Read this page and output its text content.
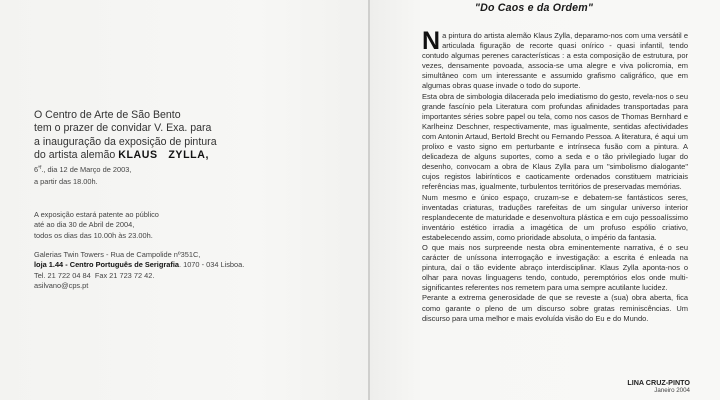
O Centro de Arte de São Bento
tem o prazer de convidar V. Exa. para
a inauguração da exposição de pintura
do artista alemão KLAUS   ZYLLA,
$6^{ªf}$., dia 12 de Março de 2003,
a partir das 18.00h.
A exposição estará patente ao público
até ao dia 30 de Abril de 2004,
todos os dias das 10.00h às 23.00h.
Galerias Twin Towers - Rua de Campolide nº351C,
loja 1.44 - Centro Português de Serigrafia. 1070 - 034 Lisboa.
Tel. 21 722 04 84  Fax 21 723 72 42.
asilvano@cps.pt
"Do Caos e da Ordem"

Na pintura do artista alemão Klaus Zylla, deparamo-nos com uma versátil e articulada figuração de recorte quasi onírico - quasi infantil, tendo contudo algumas perenes características : a esta composição de estrutura, por vezes, densamente povoada, associa-se uma alegre e viva policromia, em simultâneo com um interessante e assumido grafismo caligráfico, que em algumas obras quase invade o todo do suporte.

Esta obra de simbologia dilacerada pelo imediatismo do gesto, revela-nos o seu grande fascínio pela Literatura com profundas afinidades transportadas para importantes séries sobre papel ou tela, como nos casos de Thomas Bernhard e Karlheinz Deschner, respectivamente, mas igualmente, sentidas afectividades com Antonin Artaud, Bertold Brecht ou Fernando Pessoa. A literatura, é aqui um prolixo e vasto signo em perturbante e intrínseca fusão com a pintura. A delicadeza de alguns suportes, como a seda e o tão privilegiado lugar do desenho, convocam a obra de Klaus Zylla para um "simbolismo dialogante" cujos registos labirínticos e caoticamente ordenados constituem matriciais referências mas, igualmente, turbulentos territórios de preservadas memórias.

Num mesmo e único espaço, cruzam-se e debatem-se fantásticos seres, inventadas criaturas, traduções rarefeitas de um singular universo interior resplandecente de maturidade e desenvoltura plástica e em cujo pessoalíssimo inventário estético irradia a imagética de um profuso espólio criativo, estabelecendo assim, como prioridade absoluta, o império da fantasia.

O que mais nos surpreende nesta obra eminentemente narrativa, é o seu carácter de uníssona interrogação e investigação: a escrita é enleada na pintura, daí o tão evidente abraço interdisciplinar. Klaus Zylla aponta-nos o olhar para novas linguagens tendo, contudo, peremptórios elos onde multi-significantes referentes nos remetem para uma sempre acutilante lucidez.

Perante a extrema generosidade de que se reveste a (sua) obra aberta, fica como garante o pleno de um discurso sobre gratas reminiscências. Um discurso para uma melhor e mais evoluída visão do Eu e do Mundo.

LINA CRUZ-PINTO
Janeiro 2004
